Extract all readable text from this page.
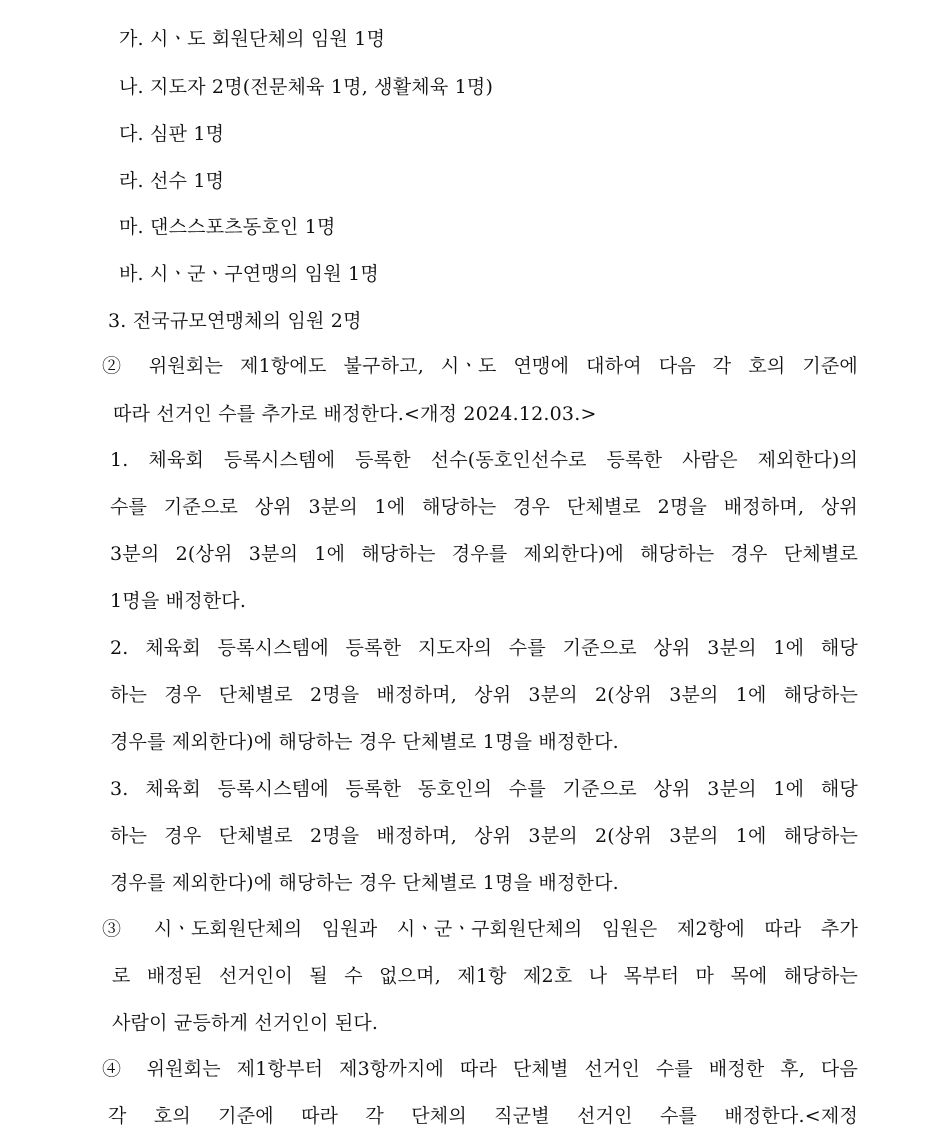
가. 시ㆍ도 회원단체의 임원 1명
나. 지도자 2명(전문체육 1명, 생활체육 1명)
다. 심판 1명
라. 선수 1명
마. 댄스스포츠동호인 1명
바. 시ㆍ군ㆍ구연맹의 임원 1명
3. 전국규모연맹체의 임원 2명
② 위원회는 제1항에도 불구하고, 시ㆍ도 연맹에 대하여 다음 각 호의 기준에
따라 선거인 수를 추가로 배정한다.<개정 2024.12.03.>
1. 체육회 등록시스템에 등록한 선수(동호인선수로 등록한 사람은 제외한다)의
수를 기준으로 상위 3분의 1에 해당하는 경우 단체별로 2명을 배정하며, 상위
3분의 2(상위 3분의 1에 해당하는 경우를 제외한다)에 해당하는 경우 단체별로
1명을 배정한다.
2. 체육회 등록시스템에 등록한 지도자의 수를 기준으로 상위 3분의 1에 해당
하는 경우 단체별로 2명을 배정하며, 상위 3분의 2(상위 3분의 1에 해당하는
경우를 제외한다)에 해당하는 경우 단체별로 1명을 배정한다.
3. 체육회 등록시스템에 등록한 동호인의 수를 기준으로 상위 3분의 1에 해당
하는 경우 단체별로 2명을 배정하며, 상위 3분의 2(상위 3분의 1에 해당하는
경우를 제외한다)에 해당하는 경우 단체별로 1명을 배정한다.
③ 시ㆍ도회원단체의 임원과 시ㆍ군ㆍ구회원단체의 임원은 제2항에 따라 추가
로 배정된 선거인이 될 수 없으며, 제1항 제2호 나 목부터 마 목에 해당하는
사람이 균등하게 선거인이 된다.
④ 위원회는 제1항부터 제3항까지에 따라 단체별 선거인 수를 배정한 후, 다음
각 호의 기준에 따라 각 단체의 직군별 선거인 수를 배정한다.<제정
